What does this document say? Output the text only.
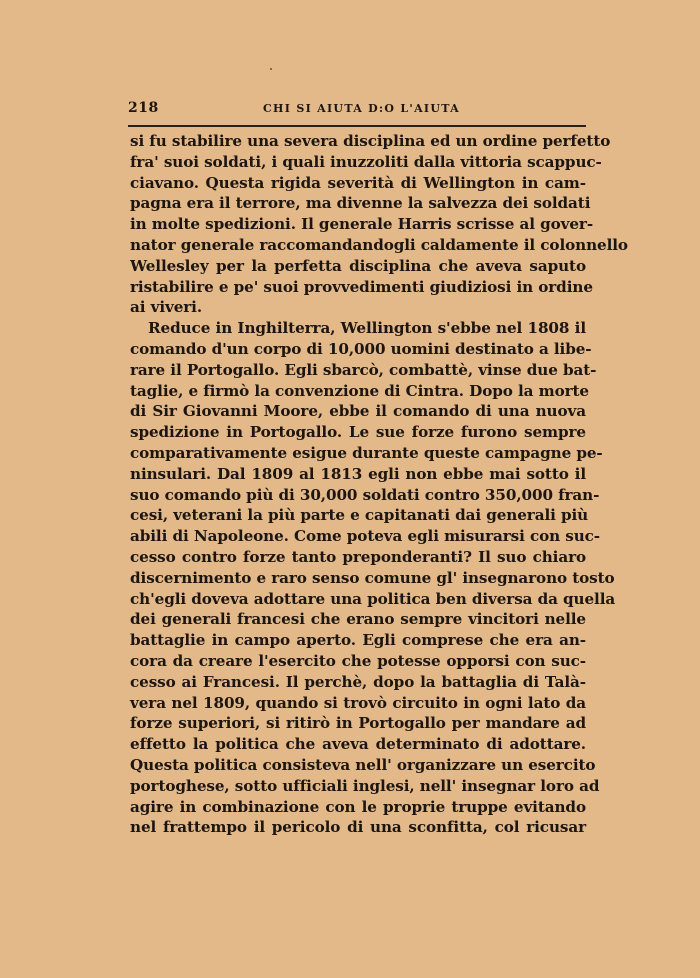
218	CHI SI AIUTA D:O L'AIUTA
si fu stabilire una severa disciplina ed un ordine perfetto
fra' suoi soldati, i quali inuzzoliti dalla vittoria scappuc-
ciavano. Questa rigida severità di Wellington in cam-
pagna era il terrore, ma divenne la salvezza dei soldati
in molte spedizioni. Il generale Harris scrisse al gover-
nator generale raccomandandogli caldamente il colonnello
Wellesley per la perfetta disciplina che aveva saputo
ristabilire e pe' suoi provvedimenti giudiziosi in ordine
ai viveri.
Reduce in Inghilterra, Wellington s'ebbe nel 1808 il
comando d'un corpo di 10,000 uomini destinato a libe-
rare il Portogallo. Egli sbarcò, combattè, vinse due bat-
taglie, e firmò la convenzione di Cintra. Dopo la morte
di Sir Giovanni Moore, ebbe il comando di una nuova
spedizione in Portogallo. Le sue forze furono sempre
comparativamente esigue durante queste campagne pe-
ninsulari. Dal 1809 al 1813 egli non ebbe mai sotto il
suo comando più di 30,000 soldati contro 350,000 fran-
cesi, veterani la più parte e capitanati dai generali più
abili di Napoleone. Come poteva egli misurarsi con suc-
cesso contro forze tanto preponderanti? Il suo chiaro
discernimento e raro senso comune gl' insegnarono tosto
ch'egli doveva adottare una politica ben diversa da quella
dei generali francesi che erano sempre vincitori nelle
battaglie in campo aperto. Egli comprese che era an-
cora da creare l'esercito che potesse opporsi con suc-
cesso ai Francesi. Il perchè, dopo la battaglia di Talà-
vera nel 1809, quando si trovò circuito in ogni lato da
forze superiori, si ritirò in Portogallo per mandare ad
effetto la politica che aveva determinato di adottare.
Questa politica consisteva nell' organizzare un esercito
portoghese, sotto ufficiali inglesi, nell' insegnar loro ad
agire in combinazione con le proprie truppe evitando
nel frattempo il pericolo di una sconfitta, col ricusar
